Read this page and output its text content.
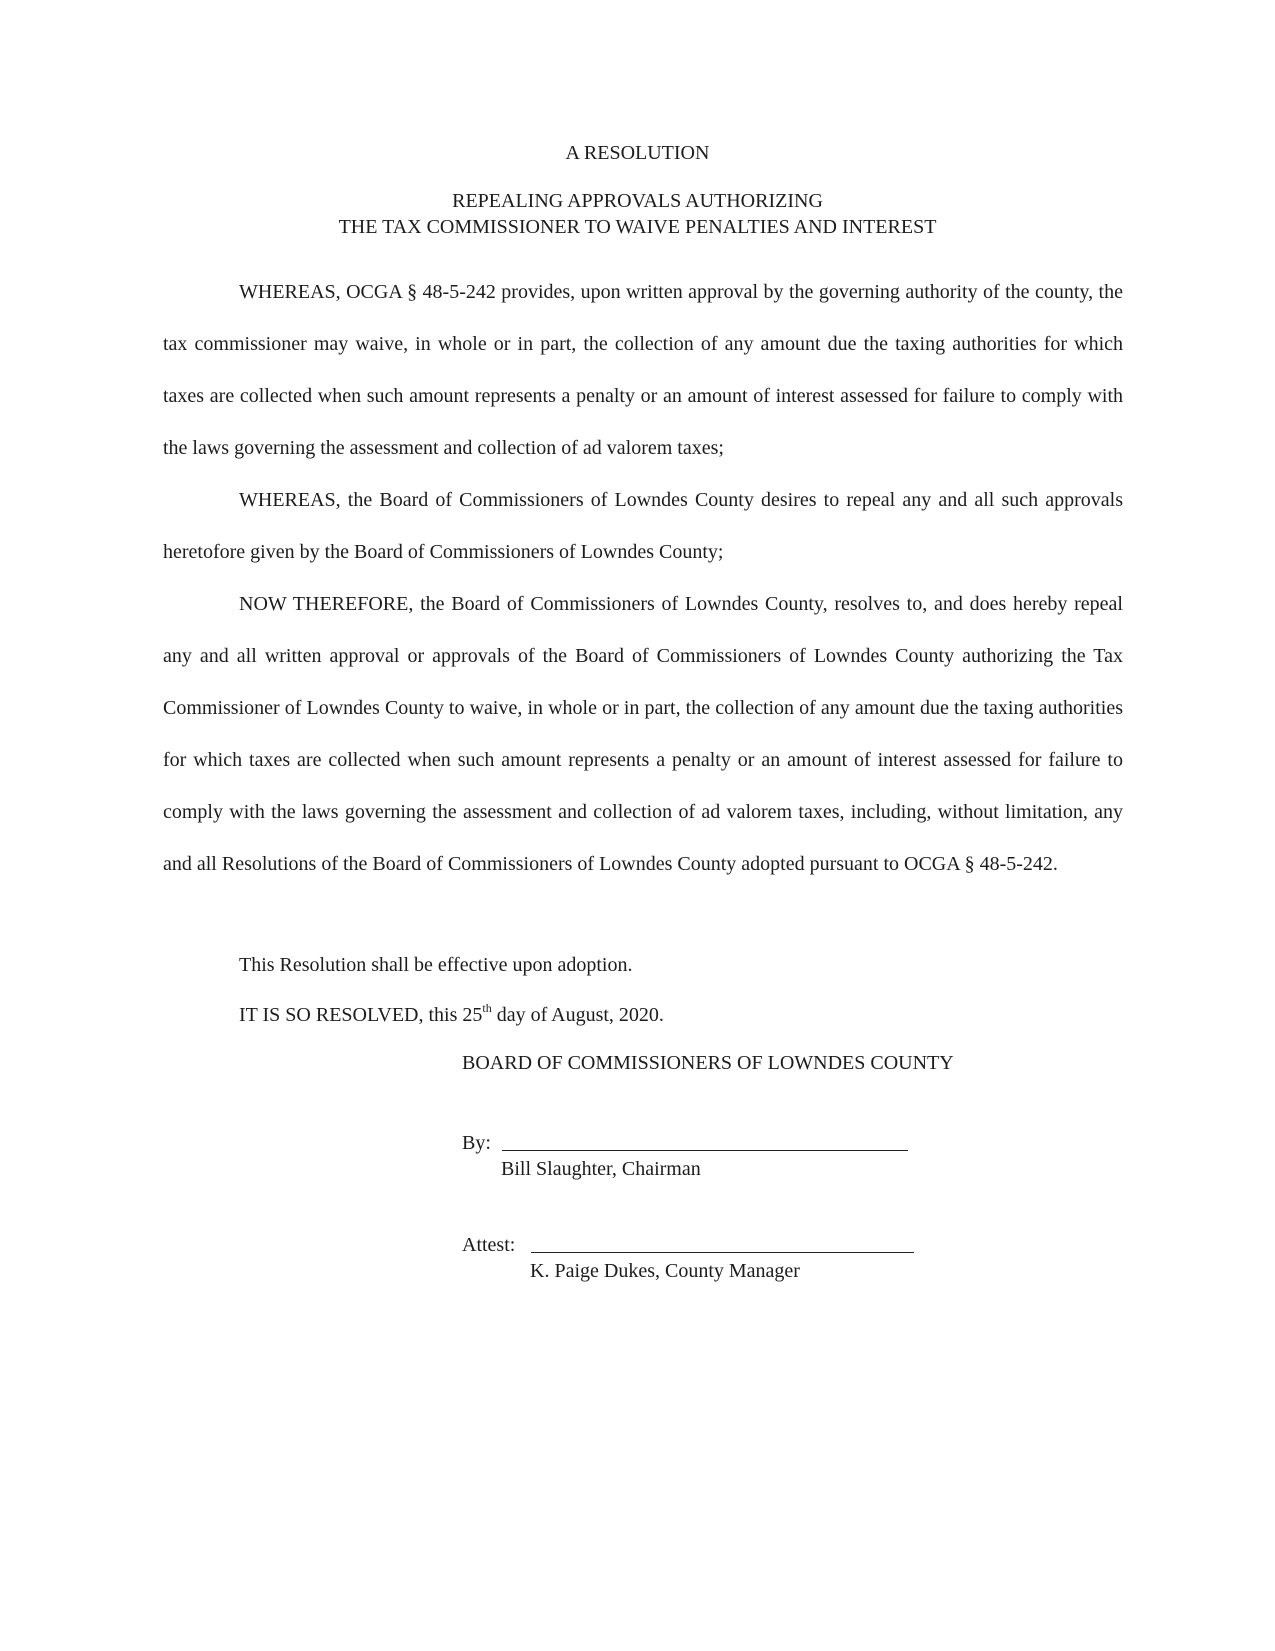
A RESOLUTION
REPEALING APPROVALS AUTHORIZING
THE TAX COMMISSIONER TO WAIVE PENALTIES AND INTEREST

WHEREAS, OCGA § 48-5-242 provides, upon written approval by the governing authority of the county, the tax commissioner may waive, in whole or in part, the collection of any amount due the taxing authorities for which taxes are collected when such amount represents a penalty or an amount of interest assessed for failure to comply with the laws governing the assessment and collection of ad valorem taxes;

WHEREAS, the Board of Commissioners of Lowndes County desires to repeal any and all such approvals heretofore given by the Board of Commissioners of Lowndes County;

NOW THEREFORE, the Board of Commissioners of Lowndes County, resolves to, and does hereby repeal any and all written approval or approvals of the Board of Commissioners of Lowndes County authorizing the Tax Commissioner of Lowndes County to waive, in whole or in part, the collection of any amount due the taxing authorities for which taxes are collected when such amount represents a penalty or an amount of interest assessed for failure to comply with the laws governing the assessment and collection of ad valorem taxes, including, without limitation, any and all Resolutions of the Board of Commissioners of Lowndes County adopted pursuant to OCGA § 48-5-242.

This Resolution shall be effective upon adoption.

IT IS SO RESOLVED, this 25th day of August, 2020.

BOARD OF COMMISSIONERS OF LOWNDES COUNTY

By:
Bill Slaughter, Chairman
Attest:
K. Paige Dukes, County Manager
